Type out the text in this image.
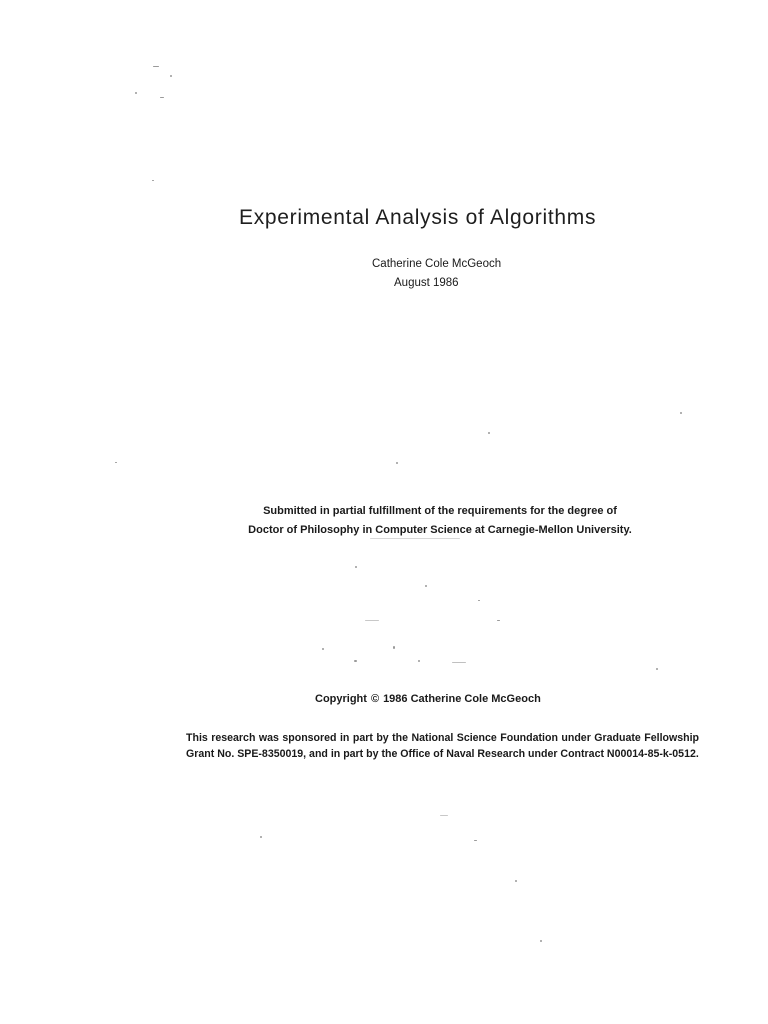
Experimental Analysis of Algorithms
Catherine Cole McGeoch
August 1986
Submitted in partial fulfillment of the requirements for the degree of
Doctor of Philosophy in Computer Science at Carnegie-Mellon University.
Copyright © 1986 Catherine Cole McGeoch
This research was sponsored in part by the National Science Foundation under Graduate Fellowship Grant No. SPE-8350019, and in part by the Office of Naval Research under Contract N00014-85-k-0512.
